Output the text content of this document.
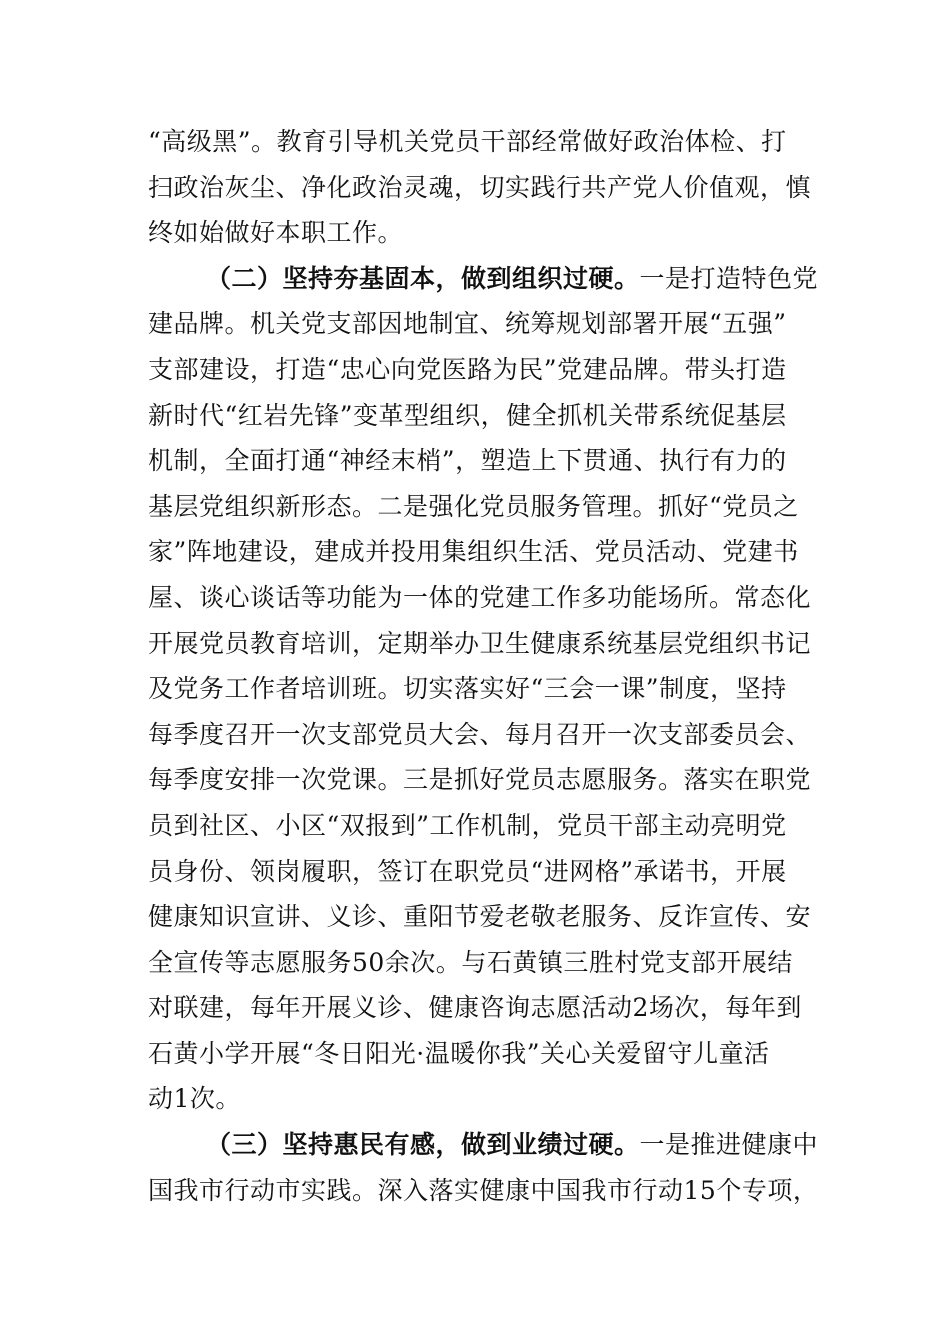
“高级黑”。教育引导机关党员干部经常做好政治体检、打
扫政治灰尘、净化政治灵魂，切实践行共产党人价值观，慎
终如始做好本职工作。
（二）坚持夯基固本，做到组织过硬。一是打造特色党
建品牌。机关党支部因地制宜、统筹规划部署开展“五强”
支部建设，打造“忠心向党医路为民”党建品牌。带头打造
新时代“红岩先锋”变革型组织，健全抓机关带系统促基层
机制，全面打通“神经末梢”，塑造上下贯通、执行有力的
基层党组织新形态。二是强化党员服务管理。抓好“党员之
家”阵地建设，建成并投用集组织生活、党员活动、党建书
屋、谈心谈话等功能为一体的党建工作多功能场所。常态化
开展党员教育培训，定期举办卫生健康系统基层党组织书记
及党务工作者培训班。切实落实好“三会一课”制度，坚持
每季度召开一次支部党员大会、每月召开一次支部委员会、
每季度安排一次党课。三是抓好党员志愿服务。落实在职党
员到社区、小区“双报到”工作机制，党员干部主动亮明党
员身份、领岗履职，签订在职党员“进网格”承诺书，开展
健康知识宣讲、义诊、重阳节爱老敬老服务、反诈宣传、安
全宣传等志愿服务50余次。与石黄镇三胜村党支部开展结
对联建，每年开展义诊、健康咨询志愿活动2场次，每年到
石黄小学开展“冬日阳光·温暖你我”关心关爱留守儿童活
动1次。
（三）坚持惠民有感，做到业绩过硬。一是推进健康中
国我市行动市实践。深入落实健康中国我市行动15个专项，
